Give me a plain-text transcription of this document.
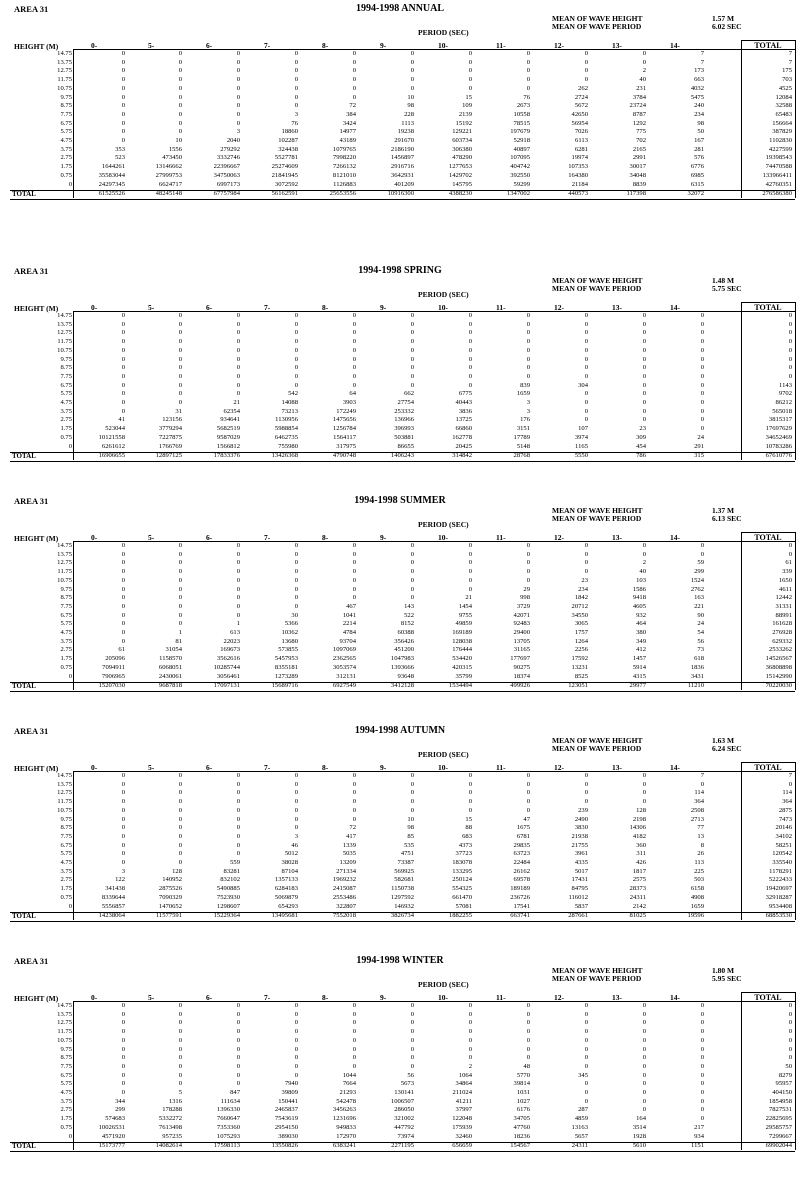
AREA 31	1994-1998 ANNUAL
MEAN OF WAVE HEIGHT	1.57 M
MEAN OF WAVE PERIOD	6.02 SEC
PERIOD (SEC)
HEIGHT (M)	0-	5-	6-	7-	8-	9-	10-	11-	12-	13-	14-	TOTAL
14.75	0	0	0	0	0	0	0	0	0	0	7	7
13.75	0	0	0	0	0	0	0	0	0	0	7	7
12.75	0	0	0	0	0	0	0	0	0	2	173	175
11.75	0	0	0	0	0	0	0	0	0	40	663	703
10.75	0	0	0	0	0	0	0	0	262	231	4032	4525
9.75	0	0	0	0	0	10	15	76	2724	3784	5475	12084
8.75	0	0	0	0	72	98	109	2673	5672	23724	240	32588
7.75	0	0	0	3	384	228	2139	10558	42650	8787	234	65483
6.75	0	0	0	76	3424	1113	15192	78515	56954	1292	98	156664
5.75	0	0	3	18860	14977	19238	129221	197679	7026	775	50	387829
4.75	0	10	2040	102287	43189	291670	603734	52918	6113	702	167	1102830
3.75	353	1556	279292	324438	1079765	2186190	306380	40897	6281	2165	281	4227599
2.75	523	473450	3332746	5527781	7998220	1456897	478290	107095	19974	2991	576	19398543
1.75	1644261	13146662	22396667	25274609	7266132	2916716	1277653	404742	107353	30017	6776	74470588
0.75	35583044	27999753	34750063	21841945	8121010	3642931	1429702	392550	164380	34048	6985	133966411
0	24297345	6624717	6997173	3072592	1126883	401209	145795	59299	21184	8839	6315	42760351
TOTAL	61525526	48245148	67757984	56162591	25653556	10916300	4388230	1347002	440573	117398	32072	276586380
AREA 31	1994-1998 SPRING
MEAN OF WAVE HEIGHT	1.48 M
MEAN OF WAVE PERIOD	5.75 SEC
PERIOD (SEC)
HEIGHT (M)	0-	5-	6-	7-	8-	9-	10-	11-	12-	13-	14-	TOTAL
14.75	0	0	0	0	0	0	0	0	0	0	0	0
13.75	0	0	0	0	0	0	0	0	0	0	0	0
12.75	0	0	0	0	0	0	0	0	0	0	0	0
11.75	0	0	0	0	0	0	0	0	0	0	0	0
10.75	0	0	0	0	0	0	0	0	0	0	0	0
9.75	0	0	0	0	0	0	0	0	0	0	0	0
8.75	0	0	0	0	0	0	0	0	0	0	0	0
7.75	0	0	0	0	0	0	0	0	0	0	0	0
6.75	0	0	0	0	0	0	0	839	304	0	0	1143
5.75	0	0	0	542	64	662	6775	1659	0	0	0	9702
4.75	0	0	21	14088	3903	27754	40443	3	0	0	0	86212
3.75	0	31	62354	73213	172249	253332	3836	3	0	0	0	565018
2.75	41	123156	934641	1130956	1475656	136966	13725	176	0	0	0	3815317
1.75	523044	3779294	5682519	5988854	1256784	396993	66860	3151	107	23	0	17697629
0.75	10121558	7227875	9587029	6462735	1564117	503881	162778	17789	3974	309	24	34652469
0	6261612	1766769	1566812	755980	317975	86655	20425	5148	1165	454	291	10783286
TOTAL	16906655	12897125	17833376	13426368	4790748	1406243	314842	28768	5550	786	315	67610776
AREA 31	1994-1998 SUMMER
MEAN OF WAVE HEIGHT	1.37 M
MEAN OF WAVE PERIOD	6.13 SEC
PERIOD (SEC)
HEIGHT (M)	0-	5-	6-	7-	8-	9-	10-	11-	12-	13-	14-	TOTAL
14.75	0	0	0	0	0	0	0	0	0	0	0	0
13.75	0	0	0	0	0	0	0	0	0	0	0	0
12.75	0	0	0	0	0	0	0	0	0	2	59	61
11.75	0	0	0	0	0	0	0	0	0	40	299	339
10.75	0	0	0	0	0	0	0	0	23	103	1524	1650
9.75	0	0	0	0	0	0	0	29	234	1586	2762	4611
8.75	0	0	0	0	0	0	21	998	1842	9418	163	12442
7.75	0	0	0	0	467	143	1454	3729	20712	4605	221	31331
6.75	0	0	0	30	1041	522	9755	42071	34550	932	90	88991
5.75	0	0	1	5366	2214	8152	49859	92483	3065	464	24	161628
4.75	0	1	613	10362	4784	60388	169189	29400	1757	380	54	276928
3.75	0	81	22023	13680	93704	356426	128038	13705	1264	349	56	629332
2.75	61	31054	169673	573855	1097069	451200	176444	31165	2256	412	73	2533262
1.75	205096	1158570	3562616	5457953	2362565	1047983	534420	177697	17592	1457	618	14526567
0.75	7094911	6068051	10285744	8355181	3053574	1393666	420315	90275	13231	5914	1836	36808898
0	7906965	2430061	3056461	1273289	312131	93648	35799	18374	8525	4315	3431	15142990
TOTAL	15207030	9687818	17097131	15689716	6927549	3412128	1534494	499926	123051	29977	11210	70220030
AREA 31	1994-1998 AUTUMN
MEAN OF WAVE HEIGHT	1.63 M
MEAN OF WAVE PERIOD	6.24 SEC
PERIOD (SEC)
HEIGHT (M)	0-	5-	6-	7-	8-	9-	10-	11-	12-	13-	14-	TOTAL
14.75	0	0	0	0	0	0	0	0	0	0	7	7
13.75	0	0	0	0	0	0	0	0	0	0	0	0
12.75	0	0	0	0	0	0	0	0	0	0	114	114
11.75	0	0	0	0	0	0	0	0	0	0	364	364
10.75	0	0	0	0	0	0	0	0	239	128	2508	2875
9.75	0	0	0	0	0	10	15	47	2490	2198	2713	7473
8.75	0	0	0	0	72	98	88	1675	3830	14306	77	20146
7.75	0	0	0	3	417	85	683	6781	21938	4182	13	34102
6.75	0	0	0	46	1339	535	4373	29835	21755	360	8	58251
5.75	0	0	0	5012	5035	4751	37723	63723	3961	311	26	120542
4.75	0	0	559	38028	13209	73387	183078	22484	4335	426	113	335540
3.75	3	128	83281	87104	271334	569925	133295	26162	5017	1817	225	1178291
2.75	122	140952	832102	1357133	1969232	582681	250124	69578	17431	2575	503	5222433
1.75	341438	2875526	5490885	6284183	2415087	1150738	554325	189189	84795	28373	6158	19420697
0.75	8339644	7090329	7523930	5069879	2553486	1297592	661470	236726	116012	24311	4908	32918287
0	5556857	1470652	1298607	654293	322807	146932	57081	17541	5837	2142	1659	9534408
TOTAL	14238064	11577591	15229364	13495681	7552018	3826734	1882255	663741	287661	81025	19596	68853530
AREA 31	1994-1998 WINTER
MEAN OF WAVE HEIGHT	1.80 M
MEAN OF WAVE PERIOD	5.95 SEC
PERIOD (SEC)
HEIGHT (M)	0-	5-	6-	7-	8-	9-	10-	11-	12-	13-	14-	TOTAL
14.75	0	0	0	0	0	0	0	0	0	0	0	0
13.75	0	0	0	0	0	0	0	0	0	0	0	0
12.75	0	0	0	0	0	0	0	0	0	0	0	0
11.75	0	0	0	0	0	0	0	0	0	0	0	0
10.75	0	0	0	0	0	0	0	0	0	0	0	0
9.75	0	0	0	0	0	0	0	0	0	0	0	0
8.75	0	0	0	0	0	0	0	0	0	0	0	0
7.75	0	0	0	0	0	0	2	48	0	0	0	50
6.75	0	0	0	0	1044	56	1064	5770	345	0	0	8279
5.75	0	0	0	7940	7664	5673	34864	39814	0	0	0	95957
4.75	0	5	847	39809	21293	130141	211024	1031	0	0	0	404150
3.75	344	1316	111634	150441	542478	1006507	41211	1027	0	0	0	1854958
2.75	299	178288	1396330	2465837	3456263	286050	37997	6176	287	0	0	7827531
1.75	574683	5332272	7660647	7543619	1231696	321002	122048	34705	4859	164	0	22825695
0.75	10026531	7613498	7353360	2954150	949833	447792	175939	47760	13163	3514	217	29585757
0	4571920	957235	1075293	389030	172970	73974	32460	18236	5657	1928	934	7299667
TOTAL	15173777	14082614	17598113	13550826	6383241	2271195	656659	154567	24311	5610	1151	69902044
